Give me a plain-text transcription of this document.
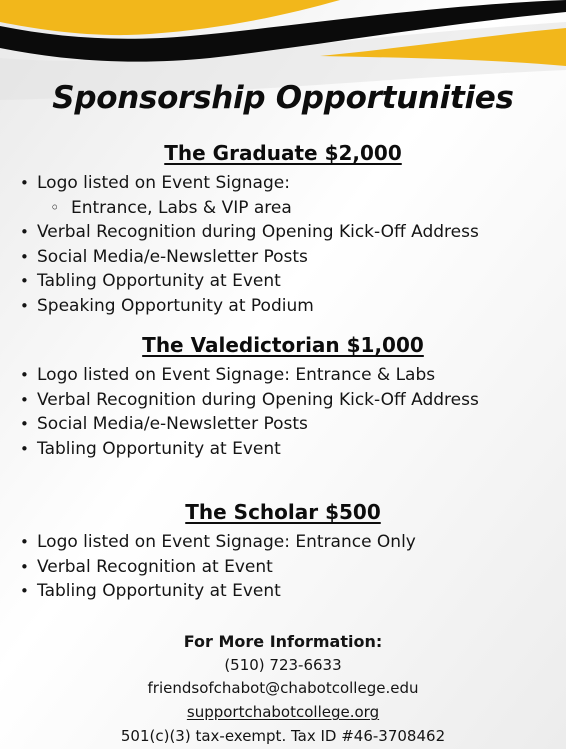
Sponsorship Opportunities
The Graduate $2,000
• Logo listed on Event Signage:
◦ Entrance, Labs & VIP area
• Verbal Recognition during Opening Kick-Off Address
• Social Media/e-Newsletter Posts
• Tabling Opportunity at Event
• Speaking Opportunity at Podium
The Valedictorian $1,000
• Logo listed on Event Signage: Entrance & Labs
• Verbal Recognition during Opening Kick-Off Address
• Social Media/e-Newsletter Posts
• Tabling Opportunity at Event
The Scholar $500
• Logo listed on Event Signage: Entrance Only
• Verbal Recognition at Event
• Tabling Opportunity at Event
For More Information:
(510) 723-6633
friendsofchabot@chabotcollege.edu
supportchabotcollege.org
501(c)(3) tax-exempt. Tax ID #46-3708462
